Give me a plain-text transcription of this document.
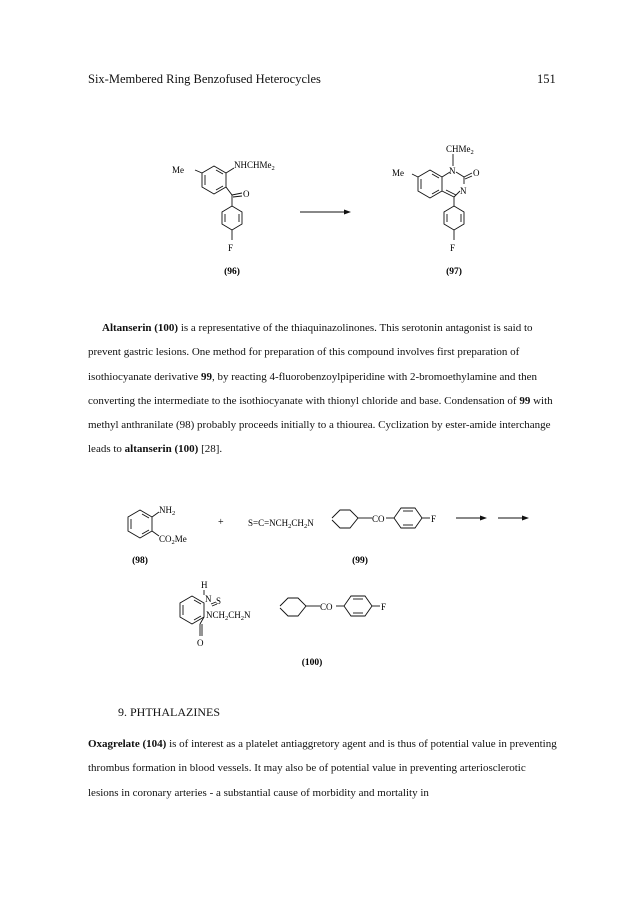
Six-Membered Ring Benzofused Heterocycles	151
Me	NHCHMe$_2$
O
F
(96)
CHMe$_2$
Me	N O
N
F
(97)

Altanserin (100) is a representative of the thiaquinazolinones. This serotonin antagonist is said to prevent gastric lesions. One method for preparation of this compound involves first preparation of isothiocyanate derivative 99, by reacting 4-fluorobenzoylpiperidine with 2-bromoethylamine and then converting the intermediate to the isothiocyanate with thionyl chloride and base. Condensation of 99 with methyl anthranilate (98) probably proceeds initially to a thiourea. Cyclization by ester-amide interchange leads to altanserin (100) [28].

$NH_2$
$CO_2Me$
(98)
+	$S=C=NCH_2CH_2N$	CO	F
(99)
H
N S
$NCH_2CH_2N$
CO	F
O
(100)
9. PHTHALAZINES

Oxagrelate (104) is of interest as a platelet antiaggretory agent and is thus of potential value in preventing thrombus formation in blood vessels. It may also be of potential value in preventing arteriosclerotic lesions in coronary arteries - a substantial cause of morbidity and mortality in
